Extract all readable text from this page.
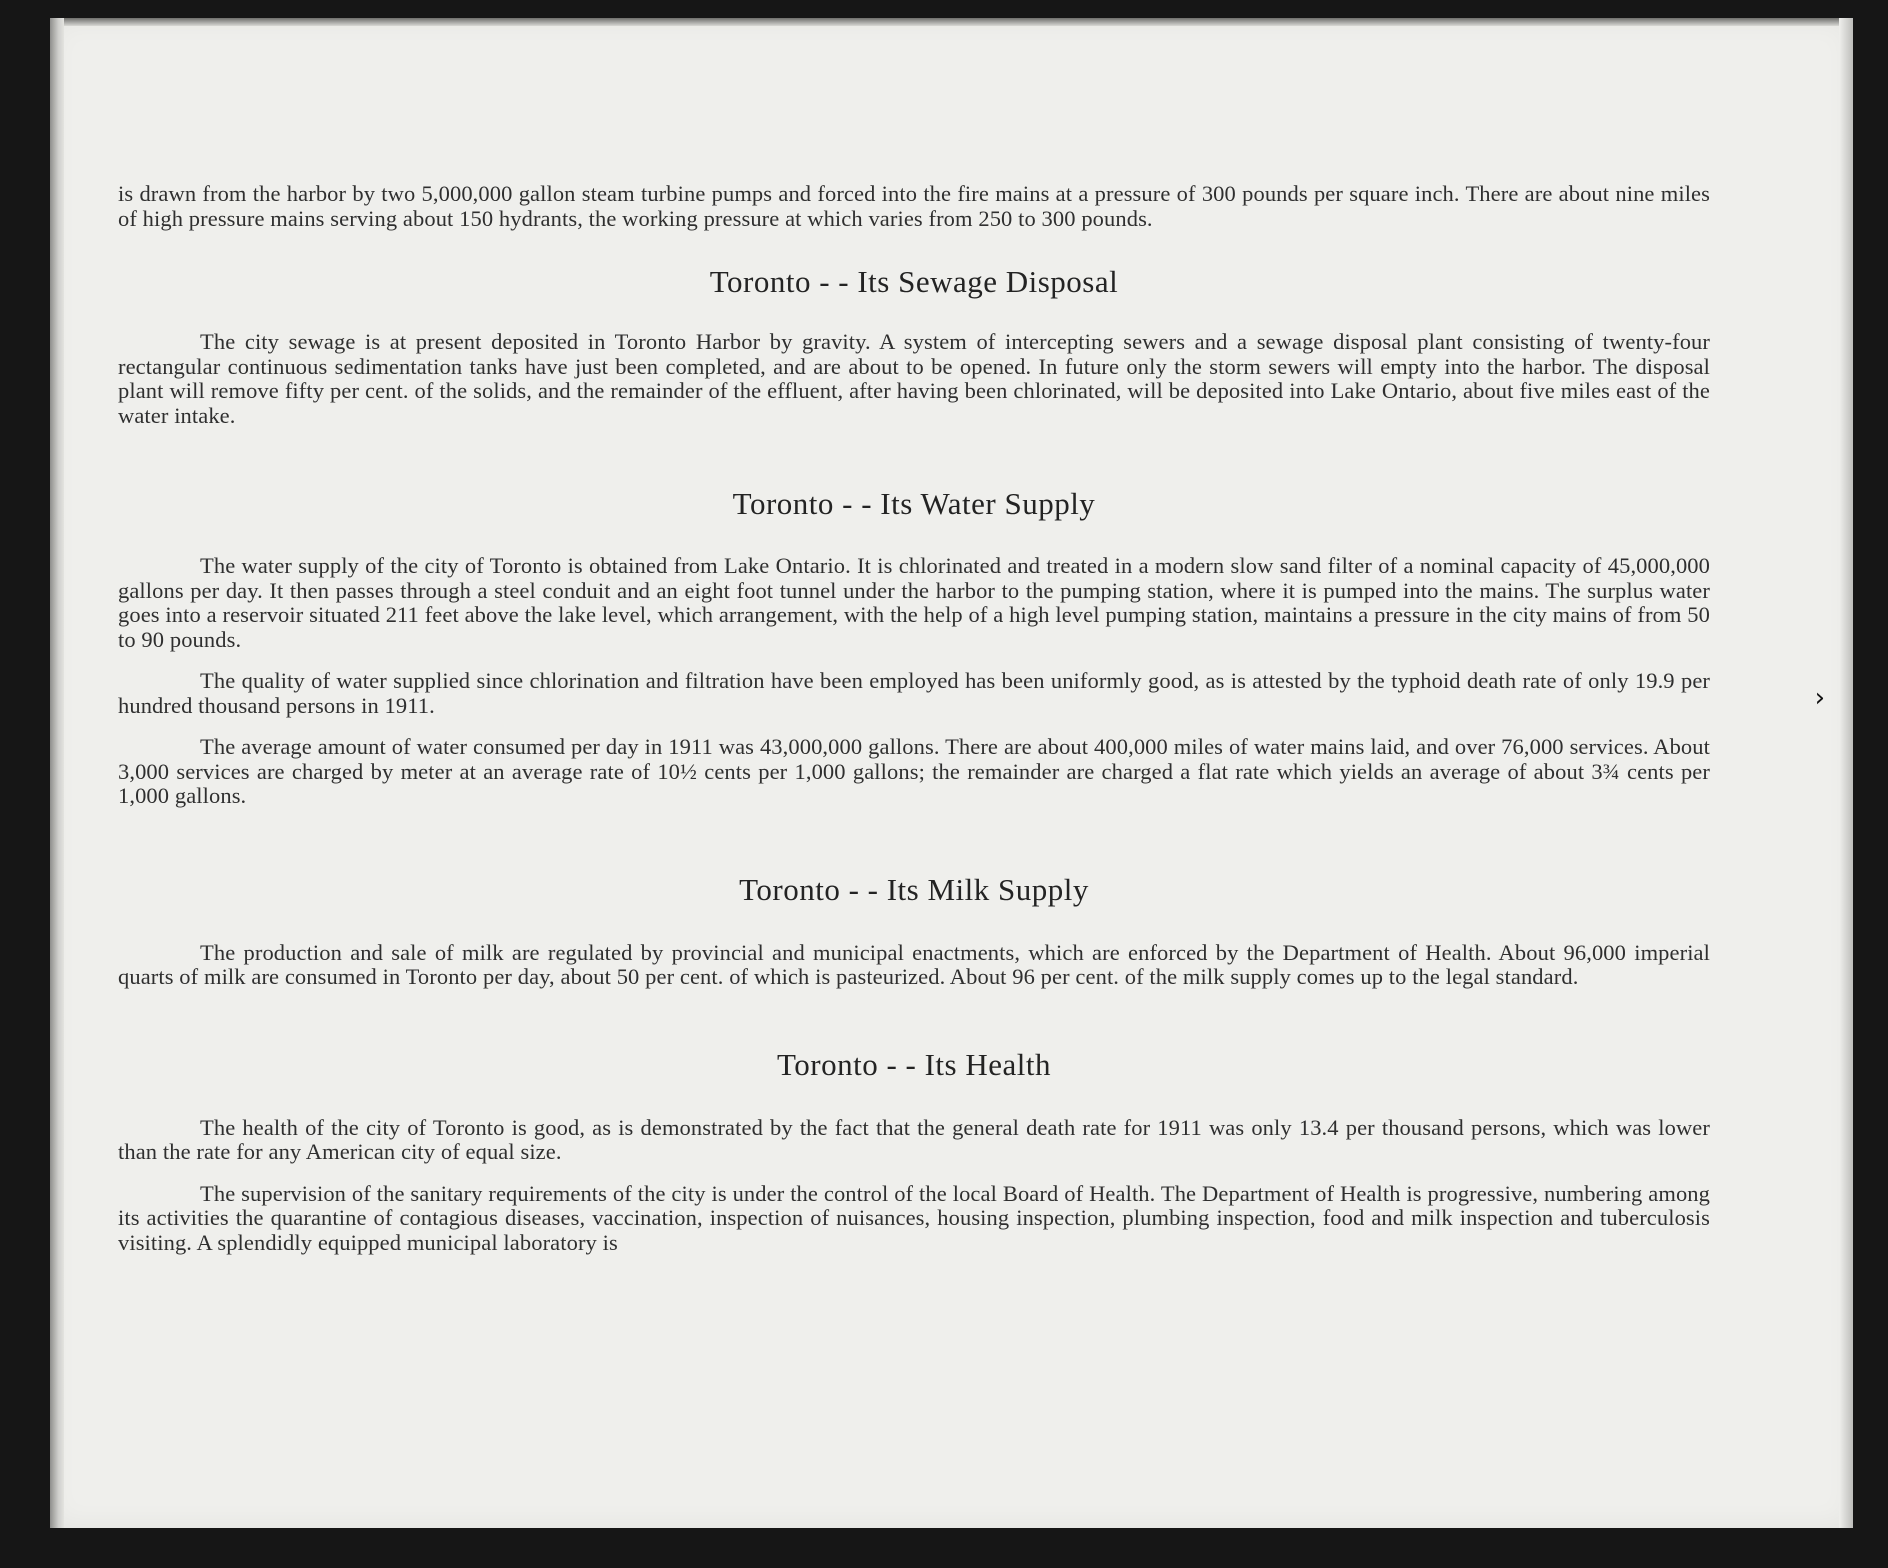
is drawn from the harbor by two 5,000,000 gallon steam turbine pumps and forced into the fire mains at a pressure of 300 pounds per square inch. There are about nine miles of high pressure mains serving about 150 hydrants, the working pressure at which varies from 250 to 300 pounds.

Toronto - - Its Sewage Disposal

The city sewage is at present deposited in Toronto Harbor by gravity. A system of intercepting sewers and a sewage disposal plant consisting of twenty-four rectangular continuous sedimentation tanks have just been completed, and are about to be opened. In future only the storm sewers will empty into the harbor. The disposal plant will remove fifty per cent. of the solids, and the remainder of the effluent, after having been chlorinated, will be deposited into Lake Ontario, about five miles east of the water intake.

Toronto - - Its Water Supply

The water supply of the city of Toronto is obtained from Lake Ontario. It is chlorinated and treated in a modern slow sand filter of a nominal capacity of 45,000,000 gallons per day. It then passes through a steel conduit and an eight foot tunnel under the harbor to the pumping station, where it is pumped into the mains. The surplus water goes into a reservoir situated 211 feet above the lake level, which arrangement, with the help of a high level pumping station, maintains a pressure in the city mains of from 50 to 90 pounds.

The quality of water supplied since chlorination and filtration have been employed has been uniformly good, as is attested by the typhoid death rate of only 19.9 per hundred thousand persons in 1911.

The average amount of water consumed per day in 1911 was 43,000,000 gallons. There are about 400,000 miles of water mains laid, and over 76,000 services. About 3,000 services are charged by meter at an average rate of 10½ cents per 1,000 gallons; the remainder are charged a flat rate which yields an average of about 3¾ cents per 1,000 gallons.

Toronto - - Its Milk Supply

The production and sale of milk are regulated by provincial and municipal enactments, which are enforced by the Department of Health. About 96,000 imperial quarts of milk are consumed in Toronto per day, about 50 per cent. of which is pasteurized. About 96 per cent. of the milk supply comes up to the legal standard.

Toronto - - Its Health

The health of the city of Toronto is good, as is demonstrated by the fact that the general death rate for 1911 was only 13.4 per thousand persons, which was lower than the rate for any American city of equal size.

The supervision of the sanitary requirements of the city is under the control of the local Board of Health. The Department of Health is progressive, numbering among its activities the quarantine of contagious diseases, vaccination, inspection of nuisances, housing inspection, plumbing inspection, food and milk inspection and tuberculosis visiting. A splendidly equipped municipal laboratory is

›
